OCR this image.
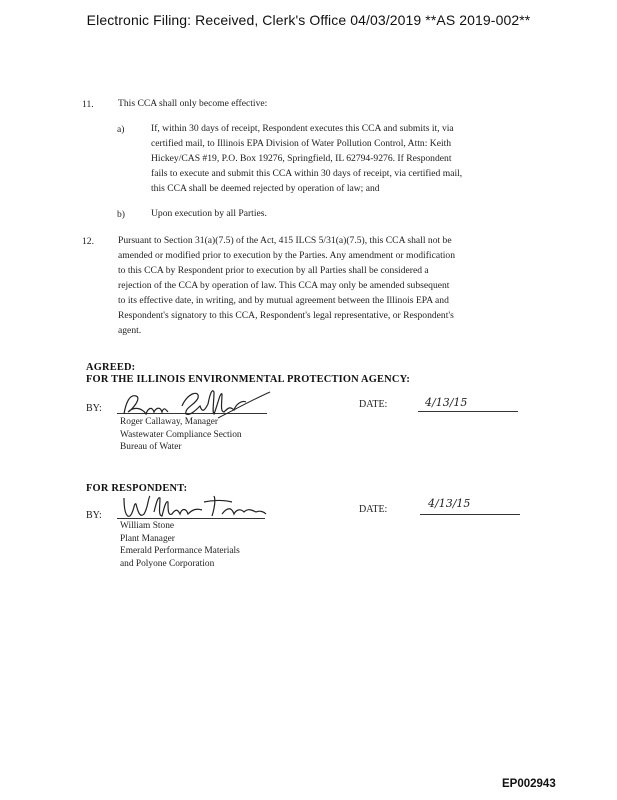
Electronic Filing: Received, Clerk's Office 04/03/2019 **AS 2019-002**
11.	This CCA shall only become effective:
a)	If, within 30 days of receipt, Respondent executes this CCA and submits it, via
certified mail, to Illinois EPA Division of Water Pollution Control, Attn: Keith
Hickey/CAS #19, P.O. Box 19276, Springfield, IL 62794-9276. If Respondent
fails to execute and submit this CCA within 30 days of receipt, via certified mail,
this CCA shall be deemed rejected by operation of law; and
b)	Upon execution by all Parties.
12.	Pursuant to Section 31(a)(7.5) of the Act, 415 ILCS 5/31(a)(7.5), this CCA shall not be
amended or modified prior to execution by the Parties. Any amendment or modification
to this CCA by Respondent prior to execution by all Parties shall be considered a
rejection of the CCA by operation of law. This CCA may only be amended subsequent
to its effective date, in writing, and by mutual agreement between the Illinois EPA and
Respondent's signatory to this CCA, Respondent's legal representative, or Respondent's
agent.
AGREED:
FOR THE ILLINOIS ENVIRONMENTAL PROTECTION AGENCY:
BY:	DATE:	4/13/15
Roger Callaway, Manager
Wastewater Compliance Section
Bureau of Water
FOR RESPONDENT:
BY:
DATE:	4/13/15
William Stone
Plant Manager
Emerald Performance Materials
and Polyone Corporation
EP002943
